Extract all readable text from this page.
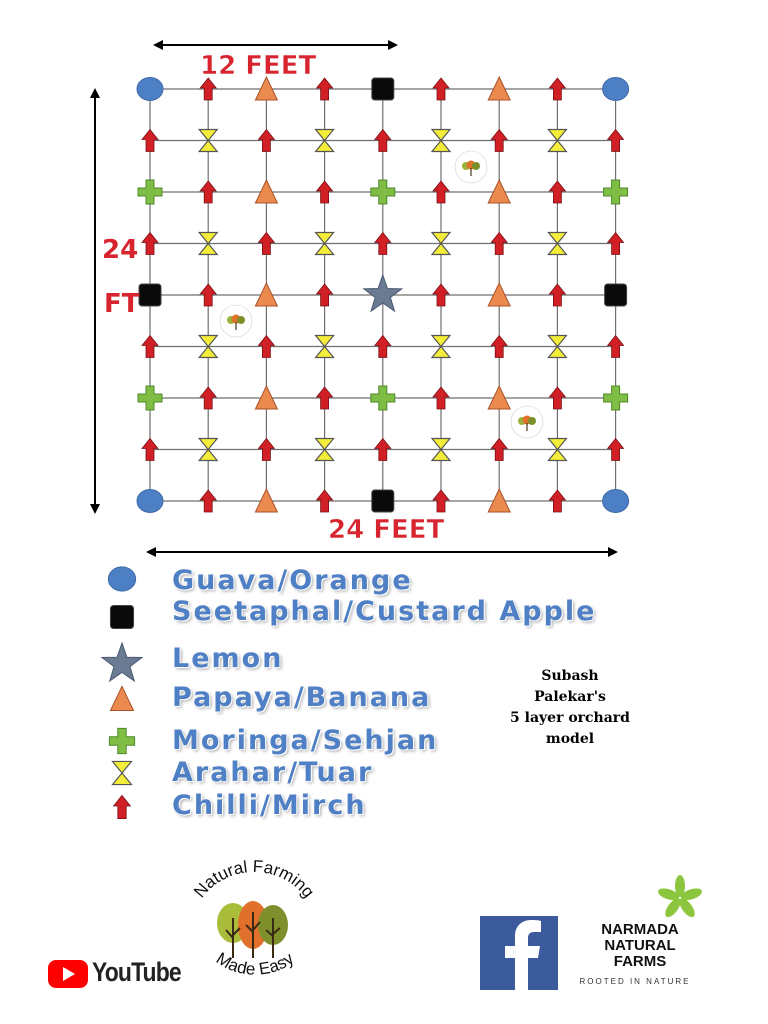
12 FEET
24 FEET
24
FT
Natural Farming
Made Easy
Guava/Orange
Seetaphal/Custard Apple
Lemon
Papaya/Banana
Moringa/Sehjan
Arahar/Tuar
Chilli/Mirch
Subash
Palekar's
5 layer orchard
model
YouTube
NARMADA
NATURAL
FARMS
ROOTED IN NATURE
